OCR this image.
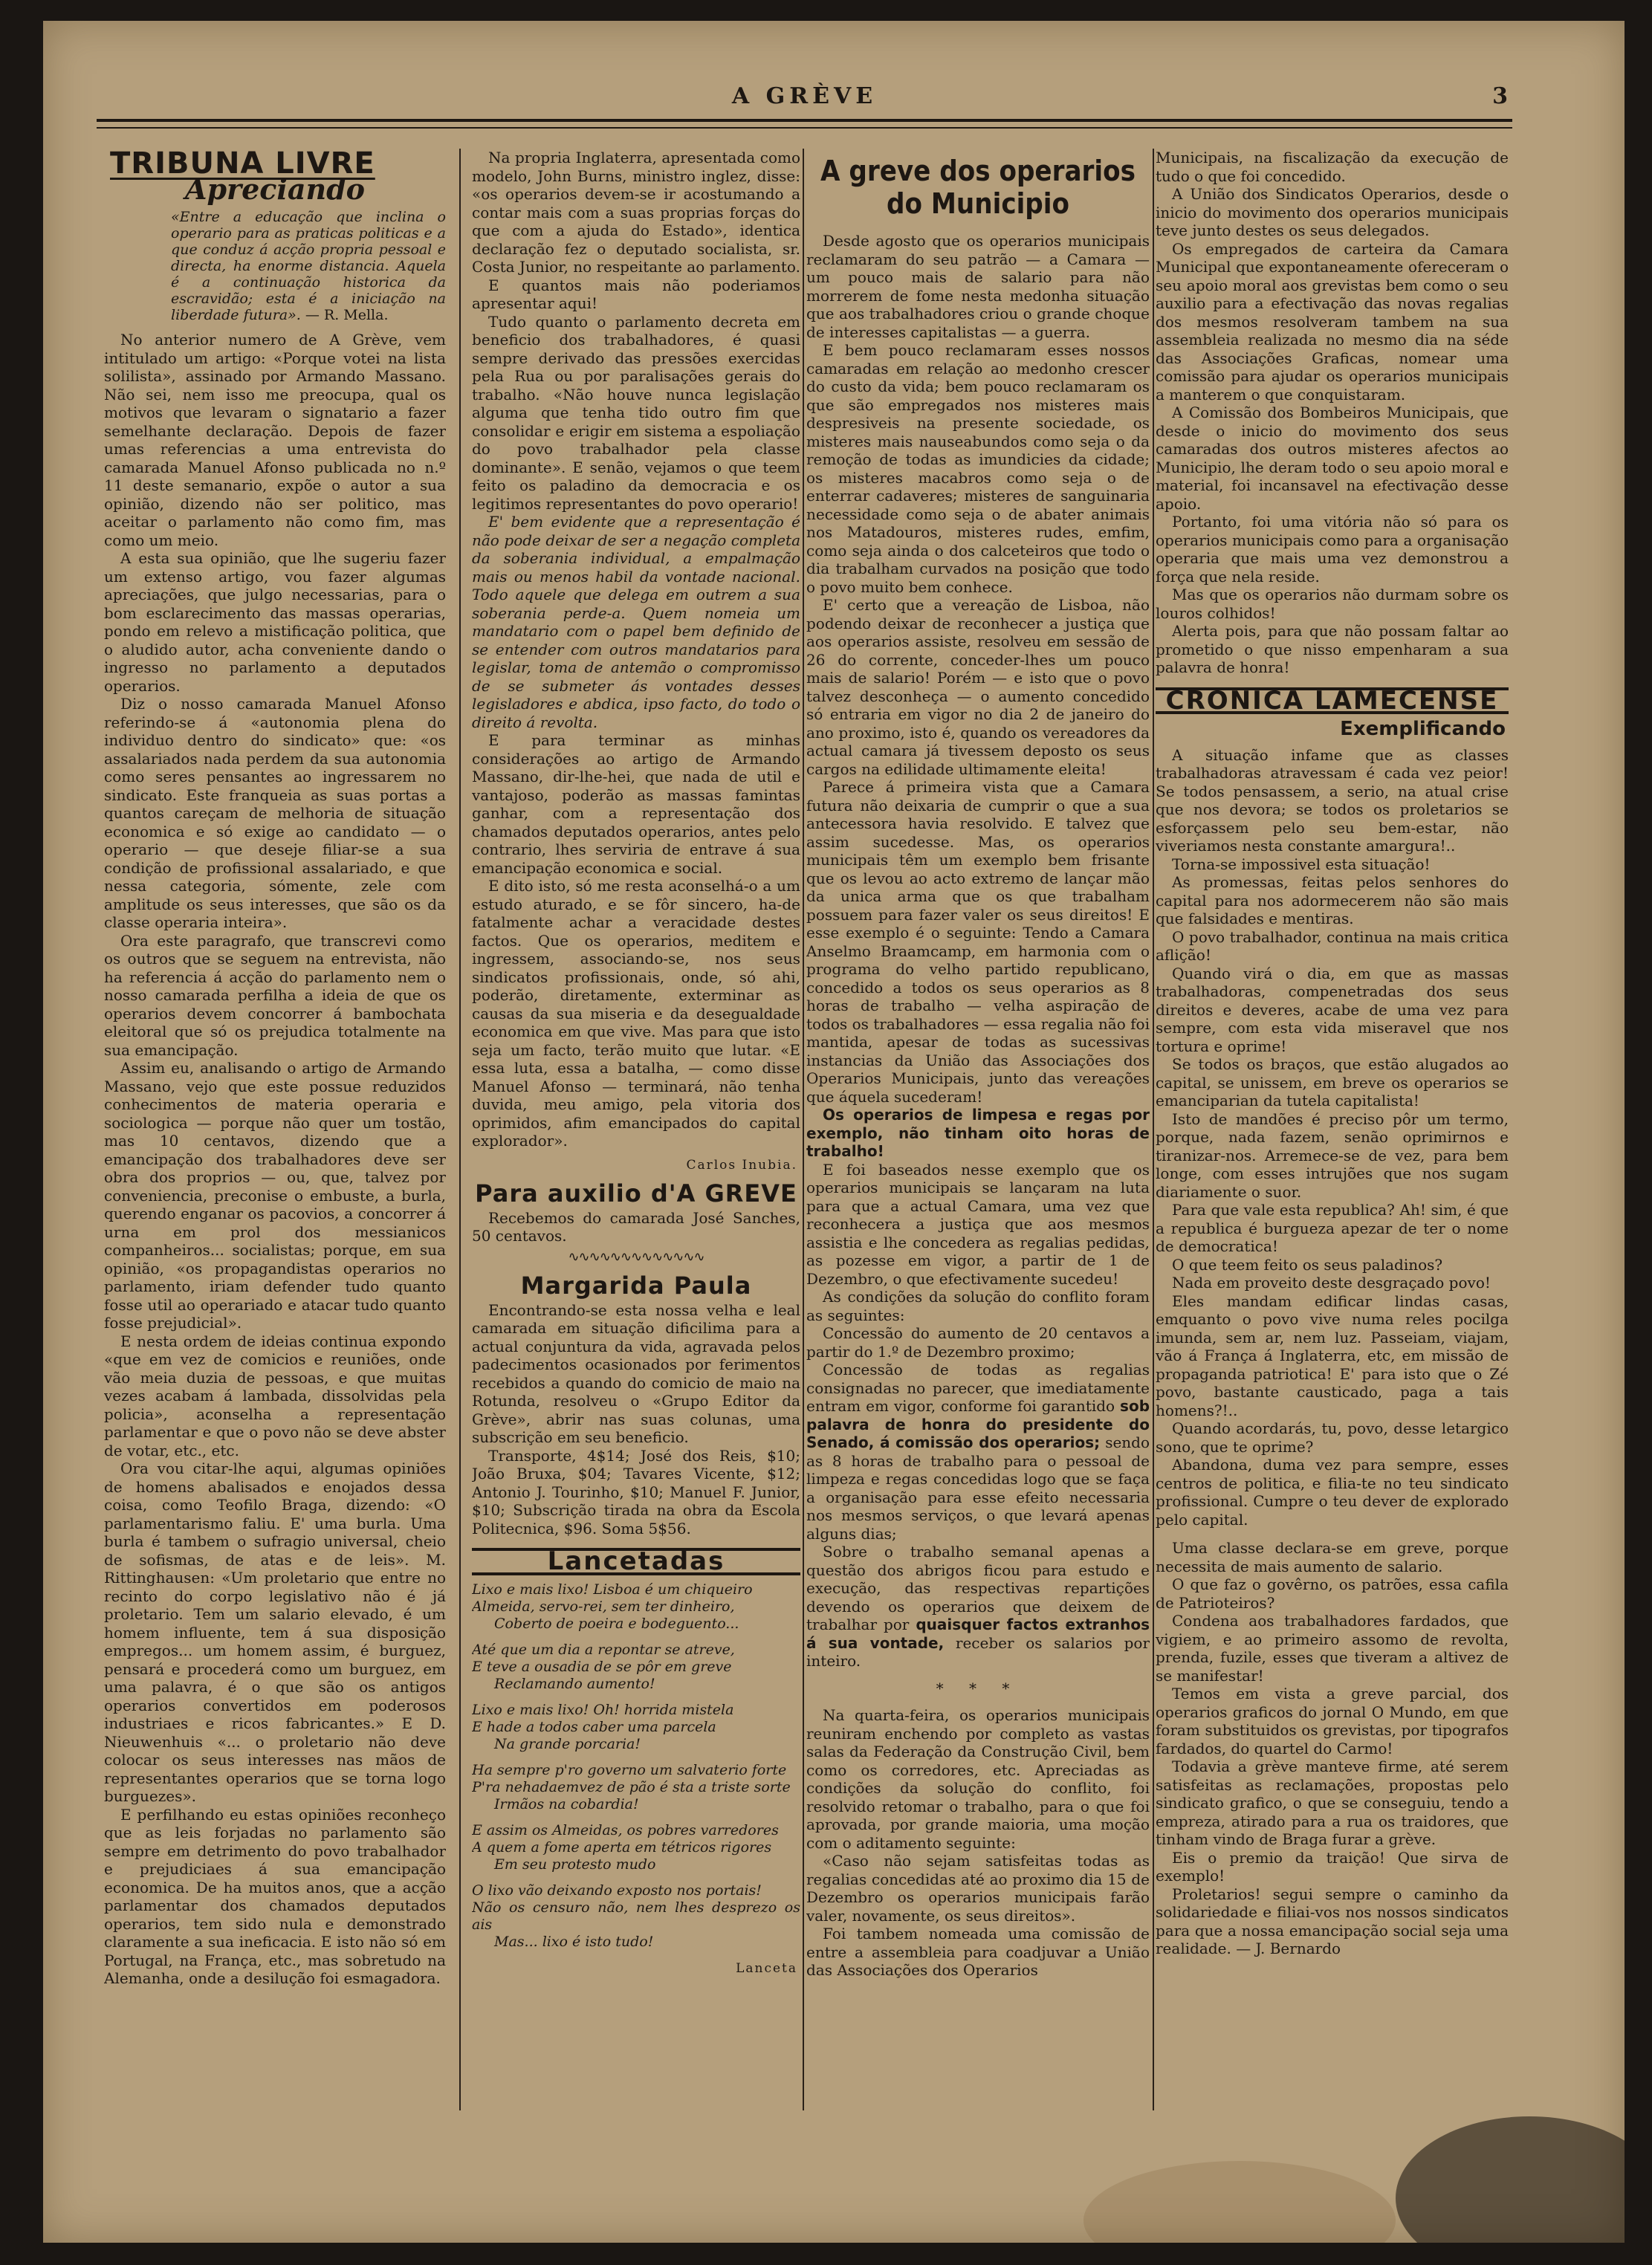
A GRÈVE	3
TRIBUNA LIVRE
Apreciando
«Entre a educação que inclina o operario para as praticas politicas e a que conduz á acção propria pessoal e directa, ha enorme distancia. Aquela é a continuação historica da escravidão; esta é a iniciação na liberdade futura». — R. Mella.

No anterior numero de A Grève, vem intitulado um artigo: «Porque votei na lista solilista», assinado por Armando Massano. Não sei, nem isso me preocupa, qual os motivos que levaram o signatario a fazer semelhante declaração. Depois de fazer umas referencias a uma entrevista do camarada Manuel Afonso publicada no n.º 11 deste semanario, expõe o autor a sua opinião, dizendo não ser politico, mas aceitar o parlamento não como fim, mas como um meio.

A esta sua opinião, que lhe sugeriu fazer um extenso artigo, vou fazer algumas apreciações, que julgo necessarias, para o bom esclarecimento das massas operarias, pondo em relevo a mistificação politica, que o aludido autor, acha conveniente dando o ingresso no parlamento a deputados operarios.

Diz o nosso camarada Manuel Afonso referindo-se á «autonomia plena do individuo dentro do sindicato» que: «os assalariados nada perdem da sua autonomia como seres pensantes ao ingressarem no sindicato. Este franqueia as suas portas a quantos careçam de melhoria de situação economica e só exige ao candidato — o operario — que deseje filiar-se a sua condição de profissional assalariado, e que nessa categoria, sómente, zele com amplitude os seus interesses, que são os da classe operaria inteira».

Ora este paragrafo, que transcrevi como os outros que se seguem na entrevista, não ha referencia á acção do parlamento nem o nosso camarada perfilha a ideia de que os operarios devem concorrer á bambochata eleitoral que só os prejudica totalmente na sua emancipação.

Assim eu, analisando o artigo de Armando Massano, vejo que este possue reduzidos conhecimentos de materia operaria e sociologica — porque não quer um tostão, mas 10 centavos, dizendo que a emancipação dos trabalhadores deve ser obra dos proprios — ou, que, talvez por conveniencia, preconise o embuste, a burla, querendo enganar os pacovios, a concorrer á urna em prol dos messianicos companheiros... socialistas; porque, em sua opinião, «os propagandistas operarios no parlamento, iriam defender tudo quanto fosse util ao operariado e atacar tudo quanto fosse prejudicial».

E nesta ordem de ideias continua expondo «que em vez de comicios e reuniões, onde vão meia duzia de pessoas, e que muitas vezes acabam á lambada, dissolvidas pela policia», aconselha a representação parlamentar e que o povo não se deve abster de votar, etc., etc.

Ora vou citar-lhe aqui, algumas opiniões de homens abalisados e enojados dessa coisa, como Teofilo Braga, dizendo: «O parlamentarismo faliu. E' uma burla. Uma burla é tambem o sufragio universal, cheio de sofismas, de atas e de leis». M. Rittinghausen: «Um proletario que entre no recinto do corpo legislativo não é já proletario. Tem um salario elevado, é um homem influente, tem á sua disposição empregos... um homem assim, é burguez, pensará e procederá como um burguez, em uma palavra, é o que são os antigos operarios convertidos em poderosos industriaes e ricos fabricantes.» E D. Nieuwenhuis «... o proletario não deve colocar os seus interesses nas mãos de representantes operarios que se torna logo burguezes».

E perfilhando eu estas opiniões reconheço que as leis forjadas no parlamento são sempre em detrimento do povo trabalhador e prejudiciaes á sua emancipação economica. De ha muitos anos, que a acção parlamentar dos chamados deputados operarios, tem sido nula e demonstrado claramente a sua ineficacia. E isto não só em Portugal, na França, etc., mas sobretudo na Alemanha, onde a desilução foi esmagadora.

Na propria Inglaterra, apresentada como modelo, John Burns, ministro inglez, disse: «os operarios devem-se ir acostumando a contar mais com a suas proprias forças do que com a ajuda do Estado», identica declaração fez o deputado socialista, sr. Costa Junior, no respeitante ao parlamento.

E quantos mais não poderiamos apresentar aqui!

Tudo quanto o parlamento decreta em beneficio dos trabalhadores, é quasi sempre derivado das pressões exercidas pela Rua ou por paralisações gerais do trabalho. «Não houve nunca legislação alguma que tenha tido outro fim que consolidar e erigir em sistema a espoliação do povo trabalhador pela classe dominante». E senão, vejamos o que teem feito os paladino da democracia e os legitimos representantes do povo operario!

E' bem evidente que a representação é não pode deixar de ser a negação completa da soberania individual, a empalmação mais ou menos habil da vontade nacional. Todo aquele que delega em outrem a sua soberania perde-a. Quem nomeia um mandatario com o papel bem definido de se entender com outros mandatarios para legislar, toma de antemão o compromisso de se submeter ás vontades desses legisladores e abdica, ipso facto, do todo o direito á revolta.

E para terminar as minhas considerações ao artigo de Armando Massano, dir-lhe-hei, que nada de util e vantajoso, poderão as massas famintas ganhar, com a representação dos chamados deputados operarios, antes pelo contrario, lhes serviria de entrave á sua emancipação economica e social.

E dito isto, só me resta aconselhá-o a um estudo aturado, e se fôr sincero, ha-de fatalmente achar a veracidade destes factos. Que os operarios, meditem e ingressem, associando-se, nos seus sindicatos profissionais, onde, só ahi, poderão, diretamente, exterminar as causas da sua miseria e da desegualdade economica em que vive. Mas para que isto seja um facto, terão muito que lutar. «E essa luta, essa a batalha, — como disse Manuel Afonso — terminará, não tenha duvida, meu amigo, pela vitoria dos oprimidos, afim emancipados do capital explorador».

Carlos Inubia.
Para auxilio d'A GREVE

Recebemos do camarada José Sanches, 50 centavos.

∿∿∿∿∿∿∿∿∿∿∿∿∿
Margarida Paula

Encontrando-se esta nossa velha e leal camarada em situação dificilima para a actual conjuntura da vida, agravada pelos padecimentos ocasionados por ferimentos recebidos a quando do comicio de maio na Rotunda, resolveu o «Grupo Editor da Grève», abrir nas suas colunas, uma subscrição em seu beneficio.

Transporte, 4$14; José dos Reis, $10; João Bruxa, $04; Tavares Vicente, $12; Antonio J. Tourinho, $10; Manuel F. Junior, $10; Subscrição tirada na obra da Escola Politecnica, $96. Soma 5$56.

Lancetadas
Lixo e mais lixo! Lisboa é um chiqueiro
Almeida, servo-rei, sem ter dinheiro,
Coberto de poeira e bodeguento...
Até que um dia a repontar se atreve,
E teve a ousadia de se pôr em greve
Reclamando aumento!
Lixo e mais lixo! Oh! horrida mistela
E hade a todos caber uma parcela
Na grande porcaria!
Ha sempre p'ro governo um salvaterio forte
P'ra nehadaemvez de pão é sta a triste sorte
Irmãos na cobardia!
E assim os Almeidas, os pobres varredores
A quem a fome aperta em tétricos rigores
Em seu protesto mudo
O lixo vão deixando exposto nos portais!
Não os censuro não, nem lhes desprezo os ais
Mas... lixo é isto tudo!
Lanceta
A greve dos operarios
do Municipio

Desde agosto que os operarios municipais reclamaram do seu patrão — a Camara — um pouco mais de salario para não morrerem de fome nesta medonha situação que aos trabalhadores criou o grande choque de interesses capitalistas — a guerra.

E bem pouco reclamaram esses nossos camaradas em relação ao medonho crescer do custo da vida; bem pouco reclamaram os que são empregados nos misteres mais despresiveis na presente sociedade, os misteres mais nauseabundos como seja o da remoção de todas as imundicies da cidade; os misteres macabros como seja o de enterrar cadaveres; misteres de sanguinaria necessidade como seja o de abater animais nos Matadouros, misteres rudes, emfim, como seja ainda o dos calceteiros que todo o dia trabalham curvados na posição que todo o povo muito bem conhece.

E' certo que a vereação de Lisboa, não podendo deixar de reconhecer a justiça que aos operarios assiste, resolveu em sessão de 26 do corrente, conceder-lhes um pouco mais de salario! Porém — e isto que o povo talvez desconheça — o aumento concedido só entraria em vigor no dia 2 de janeiro do ano proximo, isto é, quando os vereadores da actual camara já tivessem deposto os seus cargos na edilidade ultimamente eleita!

Parece á primeira vista que a Camara futura não deixaria de cumprir o que a sua antecessora havia resolvido. E talvez que assim sucedesse. Mas, os operarios municipais têm um exemplo bem frisante que os levou ao acto extremo de lançar mão da unica arma que os que trabalham possuem para fazer valer os seus direitos! E esse exemplo é o seguinte: Tendo a Camara Anselmo Braamcamp, em harmonia com o programa do velho partido republicano, concedido a todos os seus operarios as 8 horas de trabalho — velha aspiração de todos os trabalhadores — essa regalia não foi mantida, apesar de todas as sucessivas instancias da União das Associações dos Operarios Municipais, junto das vereações que áquela sucederam!

Os operarios de limpesa e regas por exemplo, não tinham oito horas de trabalho!

E foi baseados nesse exemplo que os operarios municipais se lançaram na luta para que a actual Camara, uma vez que reconhecera a justiça que aos mesmos assistia e lhe concedera as regalias pedidas, as pozesse em vigor, a partir de 1 de Dezembro, o que efectivamente sucedeu!

As condições da solução do conflito foram as seguintes:

Concessão do aumento de 20 centavos a partir do 1.º de Dezembro proximo;

Concessão de todas as regalias consignadas no parecer, que imediatamente entram em vigor, conforme foi garantido sob palavra de honra do presidente do Senado, á comissão dos operarios; sendo as 8 horas de trabalho para o pessoal de limpeza e regas concedidas logo que se faça a organisação para esse efeito necessaria nos mesmos serviços, o que levará apenas alguns dias;

Sobre o trabalho semanal apenas a questão dos abrigos ficou para estudo e execução, das respectivas repartições devendo os operarios que deixem de trabalhar por quaisquer factos extranhos á sua vontade, receber os salarios por inteiro.

* * *

Na quarta-feira, os operarios municipais reuniram enchendo por completo as vastas salas da Federação da Construção Civil, bem como os corredores, etc. Apreciadas as condições da solução do conflito, foi resolvido retomar o trabalho, para o que foi aprovada, por grande maioria, uma moção com o aditamento seguinte:

«Caso não sejam satisfeitas todas as regalias concedidas até ao proximo dia 15 de Dezembro os operarios municipais farão valer, novamente, os seus direitos».

Foi tambem nomeada uma comissão de entre a assembleia para coadjuvar a União das Associações dos Operarios

Municipais, na fiscalização da execução de tudo o que foi concedido.

A União dos Sindicatos Operarios, desde o inicio do movimento dos operarios municipais teve junto destes os seus delegados.

Os empregados de carteira da Camara Municipal que expontaneamente ofereceram o seu apoio moral aos grevistas bem como o seu auxilio para a efectivação das novas regalias dos mesmos resolveram tambem na sua assembleia realizada no mesmo dia na séde das Associações Graficas, nomear uma comissão para ajudar os operarios municipais a manterem o que conquistaram.

A Comissão dos Bombeiros Municipais, que desde o inicio do movimento dos seus camaradas dos outros misteres afectos ao Municipio, lhe deram todo o seu apoio moral e material, foi incansavel na efectivação desse apoio.

Portanto, foi uma vitória não só para os operarios municipais como para a organisação operaria que mais uma vez demonstrou a força que nela reside.

Mas que os operarios não durmam sobre os louros colhidos!

Alerta pois, para que não possam faltar ao prometido o que nisso empenharam a sua palavra de honra!

CRONICA LAMECENSE
Exemplificando

A situação infame que as classes trabalhadoras atravessam é cada vez peior! Se todos pensassem, a serio, na atual crise que nos devora; se todos os proletarios se esforçassem pelo seu bem-estar, não viveriamos nesta constante amargura!..

Torna-se impossivel esta situação!

As promessas, feitas pelos senhores do capital para nos adormecerem não são mais que falsidades e mentiras.

O povo trabalhador, continua na mais critica aflição!

Quando virá o dia, em que as massas trabalhadoras, compenetradas dos seus direitos e deveres, acabe de uma vez para sempre, com esta vida miseravel que nos tortura e oprime!

Se todos os braços, que estão alugados ao capital, se unissem, em breve os operarios se emanciparian da tutela capitalista!

Isto de mandões é preciso pôr um termo, porque, nada fazem, senão oprimirnos e tiranizar-nos. Arremece-se de vez, para bem longe, com esses intrujões que nos sugam diariamente o suor.

Para que vale esta republica? Ah! sim, é que a republica é burgueza apezar de ter o nome de democratica!

O que teem feito os seus paladinos?

Nada em proveito deste desgraçado povo!

Eles mandam edificar lindas casas, emquanto o povo vive numa reles pocilga imunda, sem ar, nem luz. Passeiam, viajam, vão á França á Inglaterra, etc, em missão de propaganda patriotica! E' para isto que o Zé povo, bastante causticado, paga a tais homens?!..

Quando acordarás, tu, povo, desse letargico sono, que te oprime?

Abandona, duma vez para sempre, esses centros de politica, e filia-te no teu sindicato profissional. Cumpre o teu dever de explorado pelo capital.

Uma classe declara-se em greve, porque necessita de mais aumento de salario.

O que faz o govêrno, os patrões, essa cafila de Patrioteiros?

Condena aos trabalhadores fardados, que vigiem, e ao primeiro assomo de revolta, prenda, fuzile, esses que tiveram a altivez de se manifestar!

Temos em vista a greve parcial, dos operarios graficos do jornal O Mundo, em que foram substituidos os grevistas, por tipografos fardados, do quartel do Carmo!

Todavia a grève manteve firme, até serem satisfeitas as reclamações, propostas pelo sindicato grafico, o que se conseguiu, tendo a empreza, atirado para a rua os traidores, que tinham vindo de Braga furar a grève.

Eis o premio da traição! Que sirva de exemplo!

Proletarios! segui sempre o caminho da solidariedade e filiai-vos nos nossos sindicatos para que a nossa emancipação social seja uma realidade. — J. Bernardo
